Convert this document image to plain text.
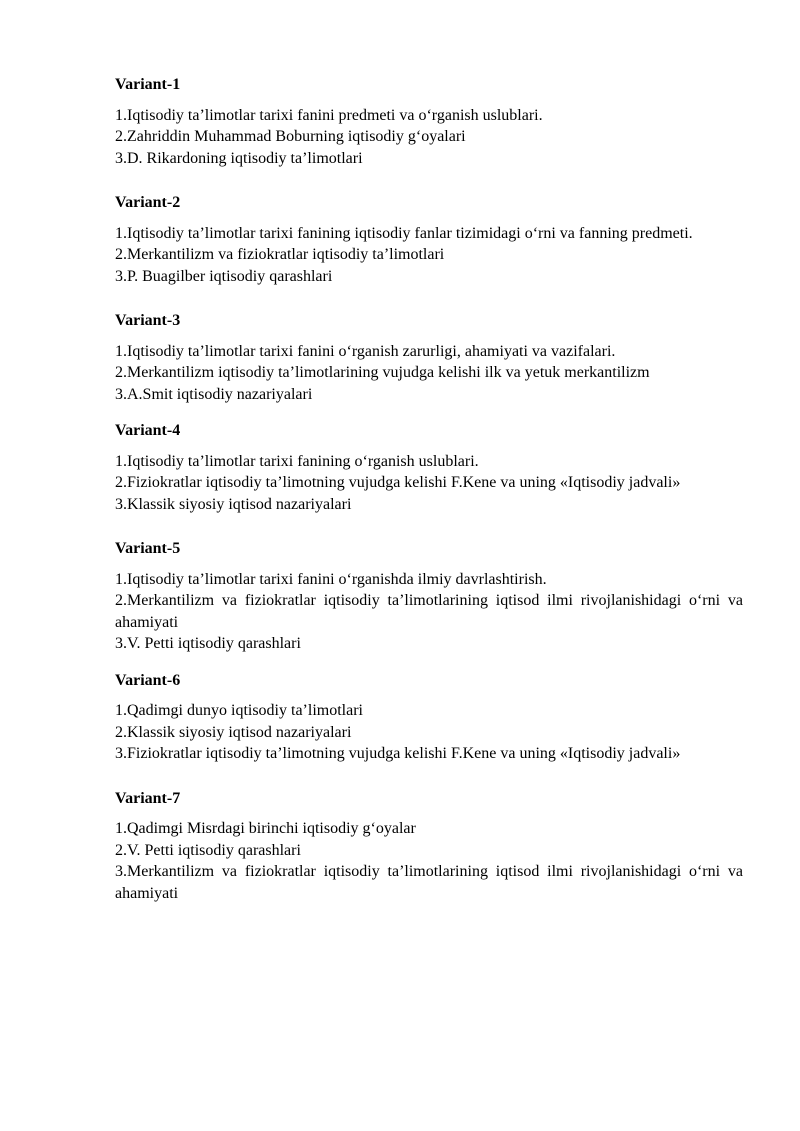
Variant-1

1.Iqtisodiy ta’limotlar tarixi fanini predmeti va o‘rganish uslublari.

2.Zahriddin Muhammad Boburning iqtisodiy g‘oyalari

3.D. Rikardoning iqtisodiy ta’limotlari

Variant-2

1.Iqtisodiy ta’limotlar tarixi fanining iqtisodiy fanlar tizimidagi o‘rni va fanning predmeti.

2.Merkantilizm va fiziokratlar iqtisodiy ta’limotlari

3.P. Buagilber iqtisodiy qarashlari

Variant-3

1.Iqtisodiy ta’limotlar tarixi fanini o‘rganish zarurligi, ahamiyati va vazifalari.

2.Merkantilizm iqtisodiy ta’limotlarining vujudga kelishi ilk va yetuk merkantilizm

3.A.Smit iqtisodiy nazariyalari

Variant-4

1.Iqtisodiy ta’limotlar tarixi fanining o‘rganish uslublari.

2.Fiziokratlar iqtisodiy ta’limotning vujudga kelishi F.Kene va uning «Iqtisodiy jadvali»

3.Klassik siyosiy iqtisod nazariyalari

Variant-5

1.Iqtisodiy ta’limotlar tarixi fanini o‘rganishda ilmiy davrlashtirish.

2.Merkantilizm va fiziokratlar iqtisodiy ta’limotlarining iqtisod ilmi rivojlanishidagi o‘rni va ahamiyati

3.V. Petti iqtisodiy qarashlari

Variant-6

1.Qadimgi dunyo iqtisodiy ta’limotlari

2.Klassik siyosiy iqtisod nazariyalari

3.Fiziokratlar iqtisodiy ta’limotning vujudga kelishi F.Kene va uning «Iqtisodiy jadvali»

Variant-7

1.Qadimgi Misrdagi birinchi iqtisodiy g‘oyalar

2.V. Petti iqtisodiy qarashlari

3.Merkantilizm va fiziokratlar iqtisodiy ta’limotlarining iqtisod ilmi rivojlanishidagi o‘rni va ahamiyati
